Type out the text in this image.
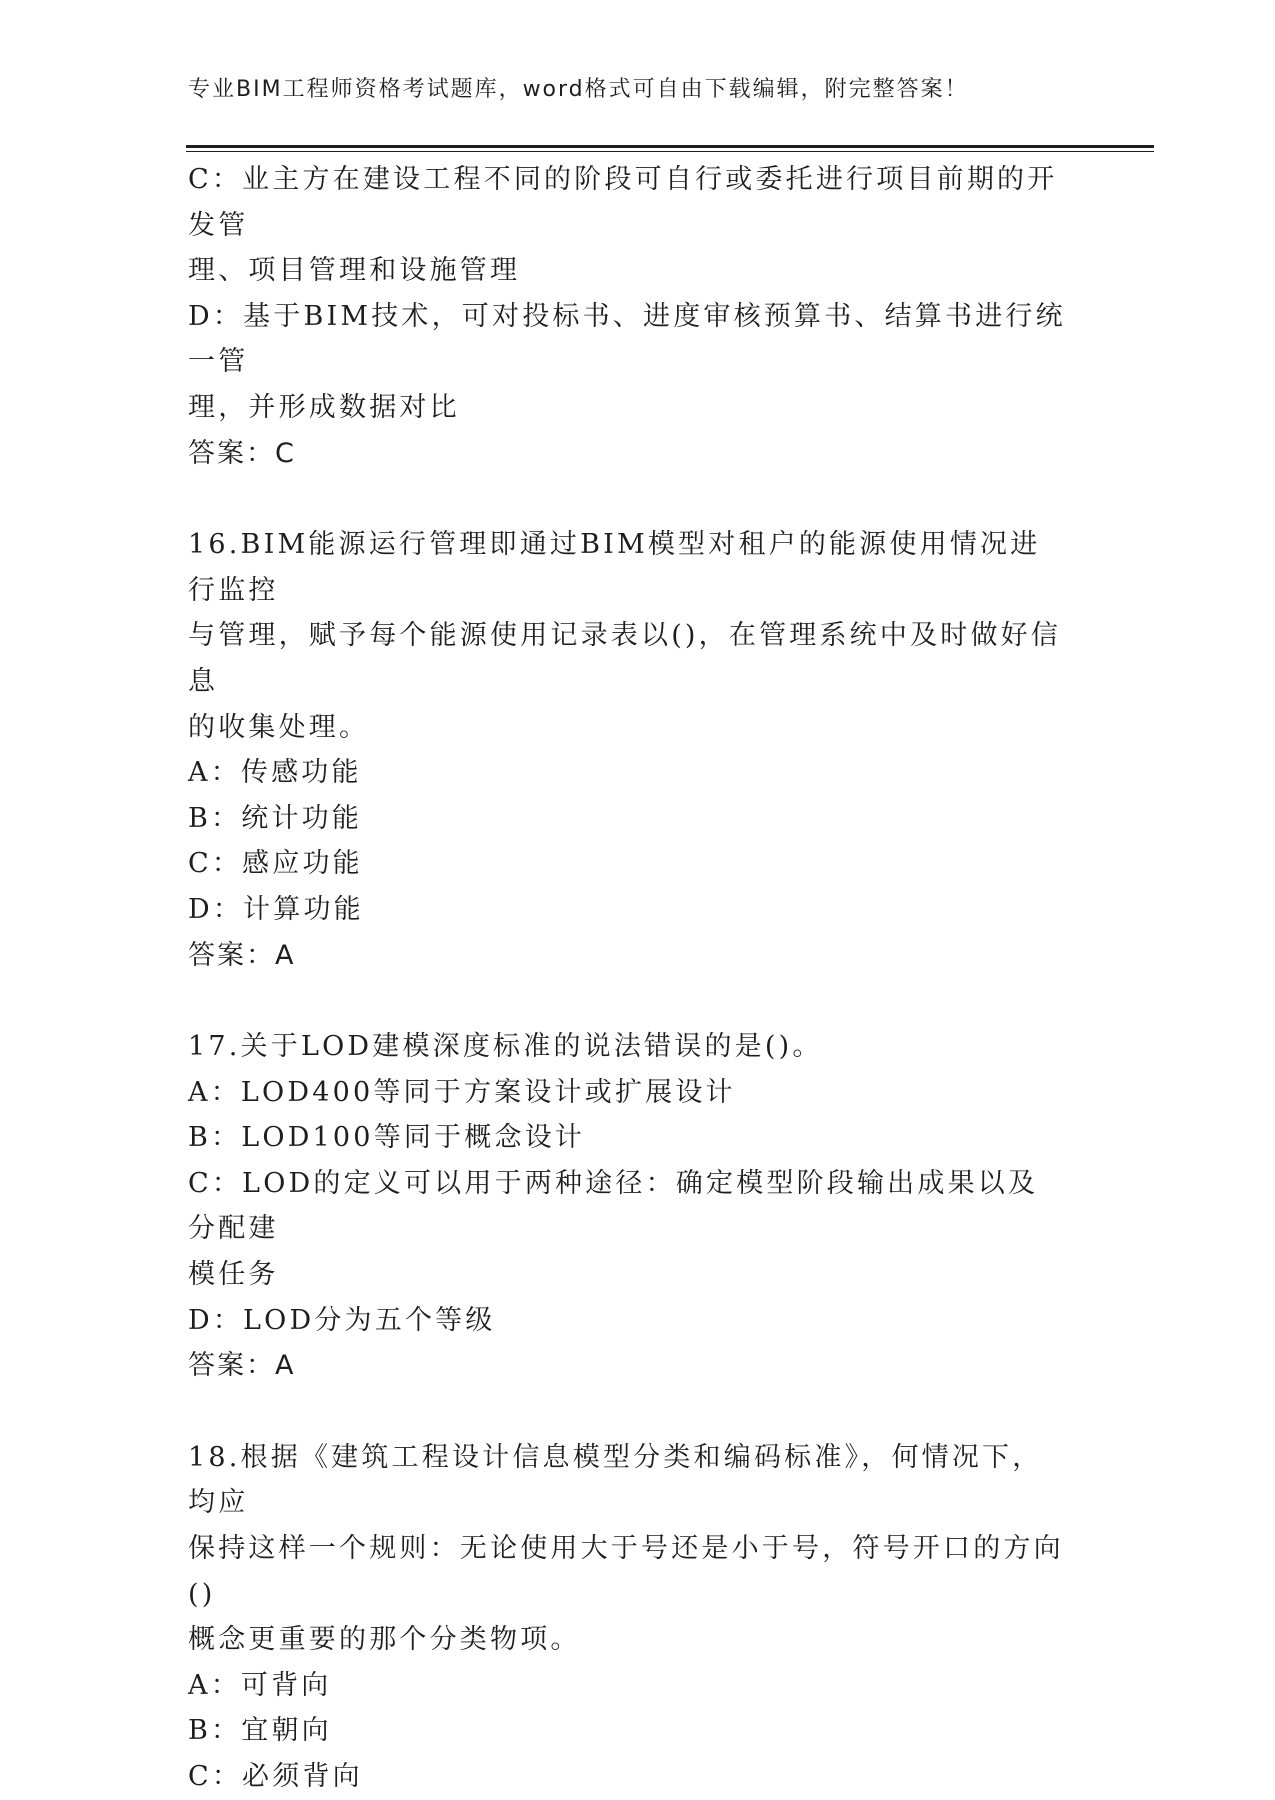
专业BIM工程师资格考试题库，word格式可自由下载编辑，附完整答案！
C：业主方在建设工程不同的阶段可自行或委托进行项目前期的开发管
理、项目管理和设施管理
D：基于BIM技术，可对投标书、进度审核预算书、结算书进行统一管
理，并形成数据对比
答案：C
16.BIM能源运行管理即通过BIM模型对租户的能源使用情况进行监控
与管理，赋予每个能源使用记录表以()，在管理系统中及时做好信息
的收集处理。
A：传感功能
B：统计功能
C：感应功能
D：计算功能
答案：A
17.关于LOD建模深度标准的说法错误的是()。
A：LOD400等同于方案设计或扩展设计
B：LOD100等同于概念设计
C：LOD的定义可以用于两种途径：确定模型阶段输出成果以及分配建
模任务
D：LOD分为五个等级
答案：A
18.根据《建筑工程设计信息模型分类和编码标准》，何情况下，均应
保持这样一个规则：无论使用大于号还是小于号，符号开口的方向()
概念更重要的那个分类物项。
A：可背向
B：宜朝向
C：必须背向
